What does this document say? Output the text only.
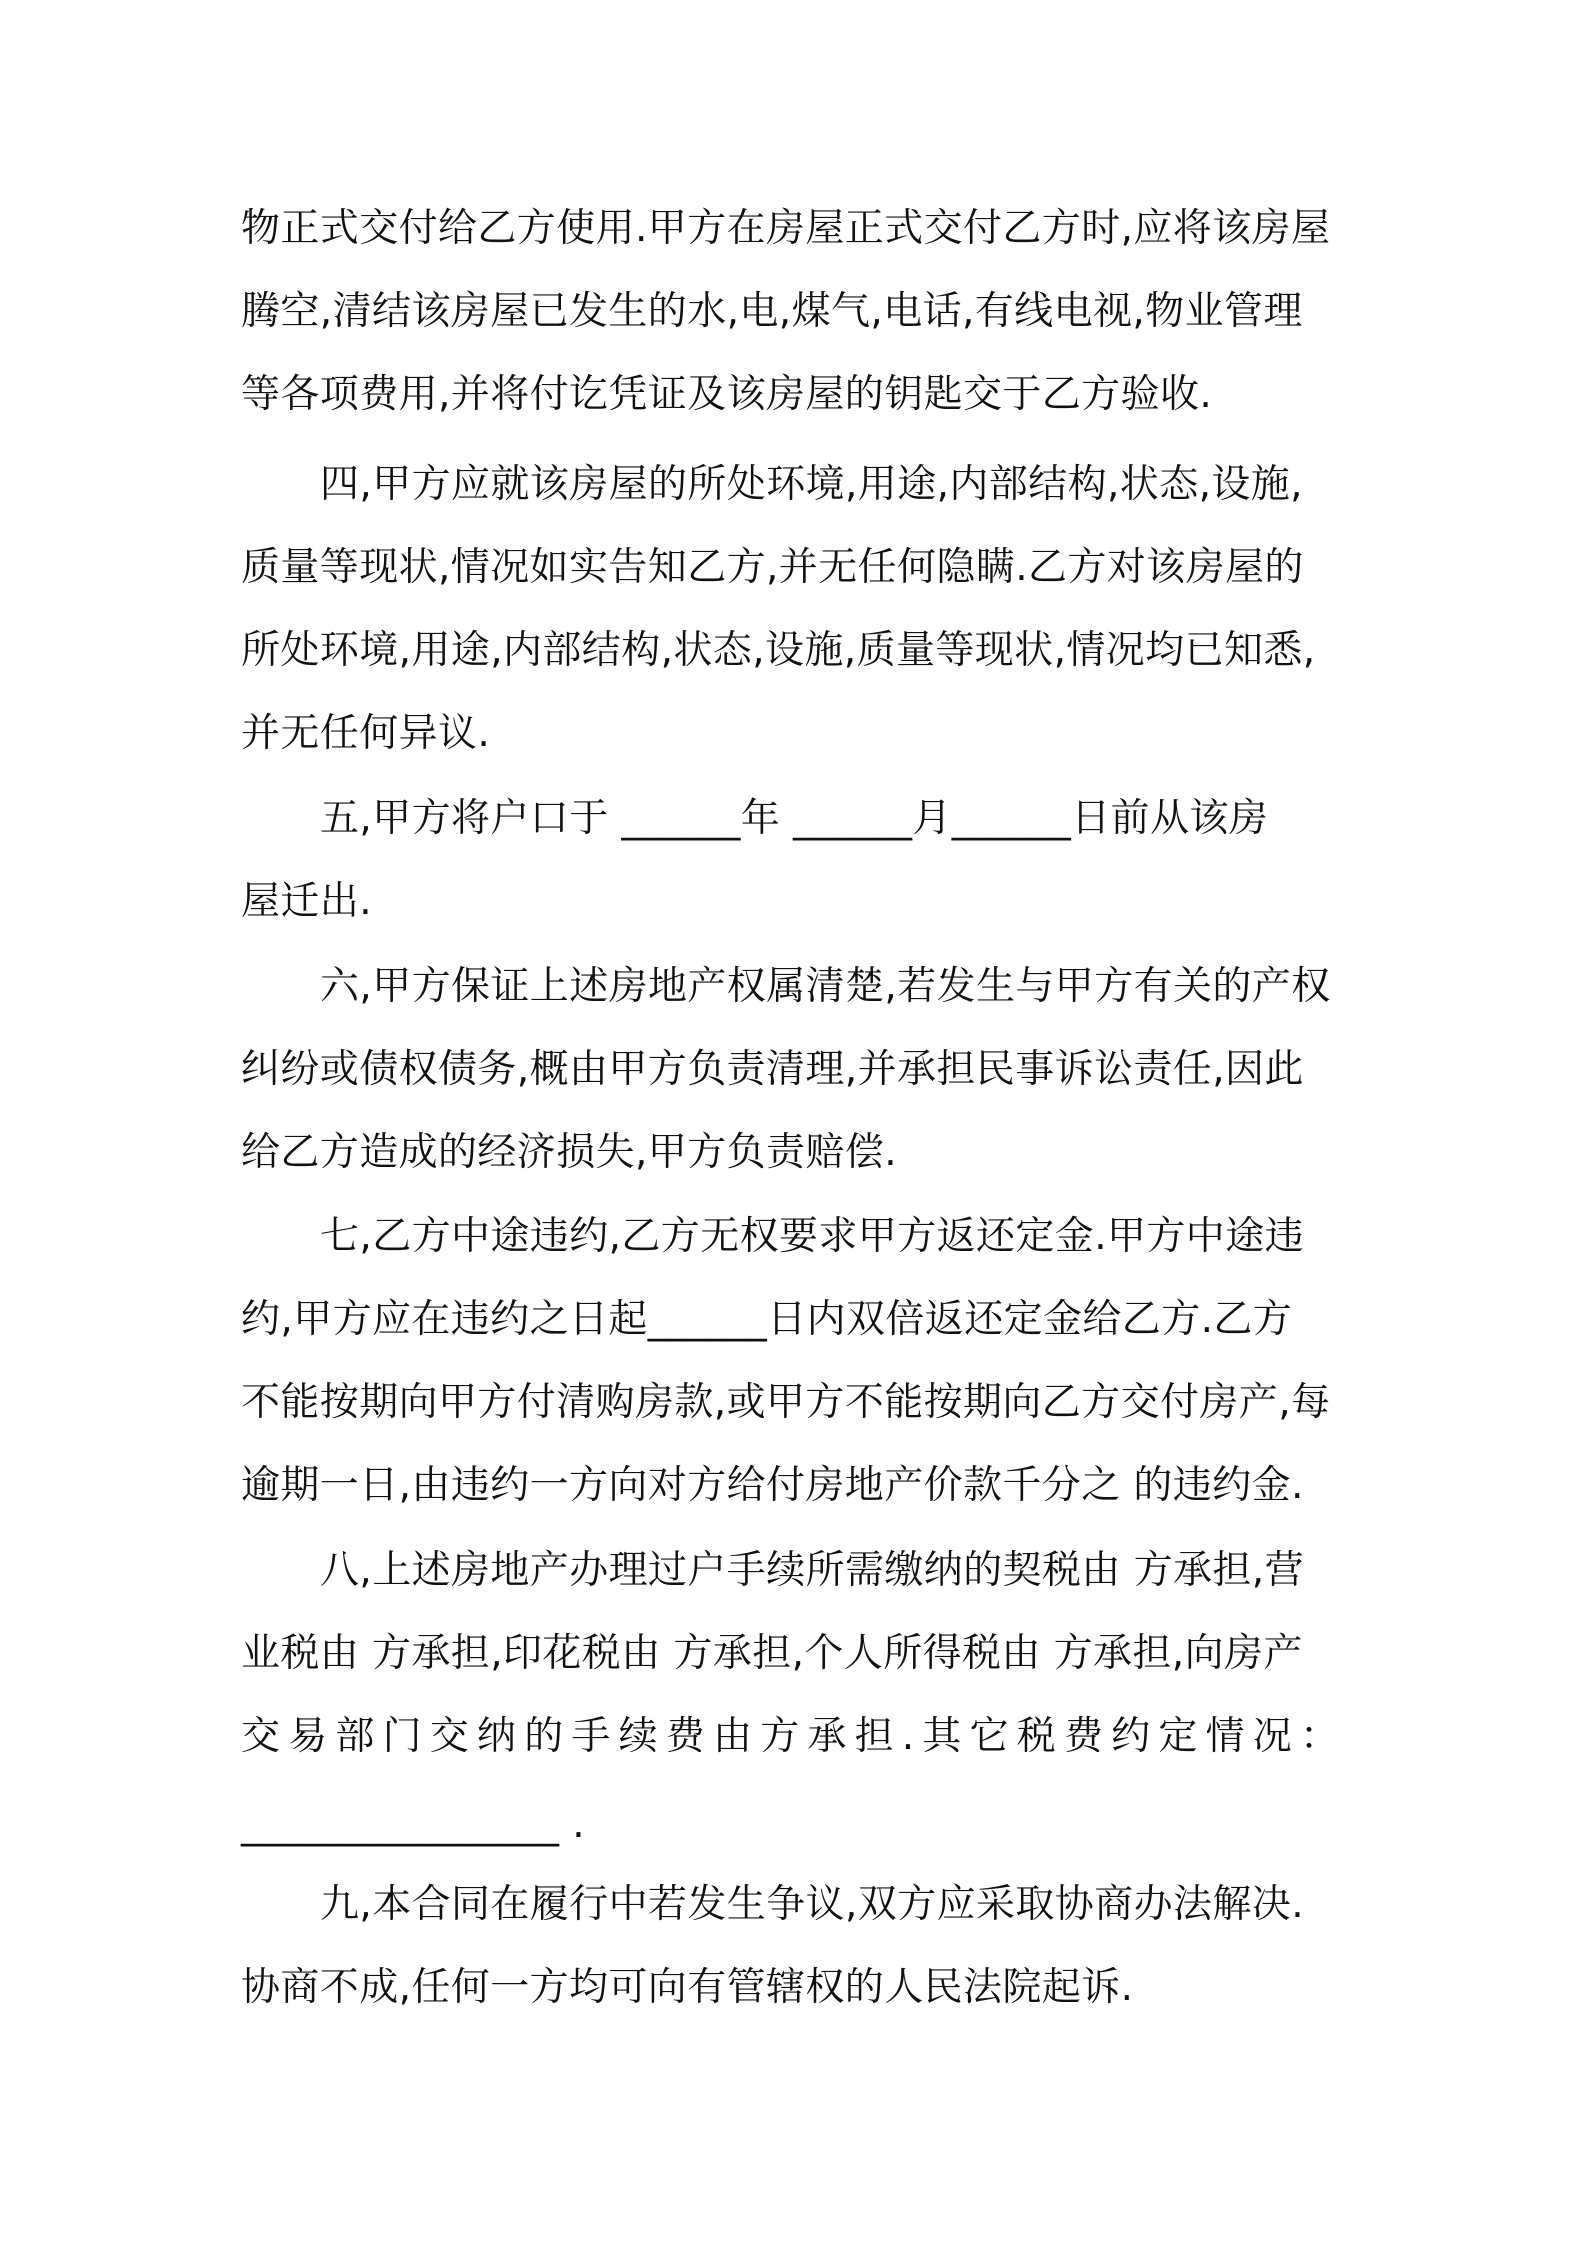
物正式交付给乙方使用.甲方在房屋正式交付乙方时,应将该房屋

腾空,清结该房屋已发生的水,电,煤气,电话,有线电视,物业管理

等各项费用,并将付讫凭证及该房屋的钥匙交于乙方验收.

四,甲方应就该房屋的所处环境,用途,内部结构,状态,设施,

质量等现状,情况如实告知乙方,并无任何隐瞒.乙方对该房屋的

所处环境,用途,内部结构,状态,设施,质量等现状,情况均已知悉,

并无任何异议.

五,甲方将户口于 ______年 ______月______日前从该房

屋迁出.

六,甲方保证上述房地产权属清楚,若发生与甲方有关的产权

纠纷或债权债务,概由甲方负责清理,并承担民事诉讼责任,因此

给乙方造成的经济损失,甲方负责赔偿.

七,乙方中途违约,乙方无权要求甲方返还定金.甲方中途违

约,甲方应在违约之日起______日内双倍返还定金给乙方.乙方

不能按期向甲方付清购房款,或甲方不能按期向乙方交付房产,每

逾期一日,由违约一方向对方给付房地产价款千分之 的违约金.

八,上述房地产办理过户手续所需缴纳的契税由 方承担,营

业税由 方承担,印花税由 方承担,个人所得税由 方承担,向房产

交易部门交纳的手续费由方承担.其它税费约定情况：

________________ .

九,本合同在履行中若发生争议,双方应采取协商办法解决.

协商不成,任何一方均可向有管辖权的人民法院起诉.
